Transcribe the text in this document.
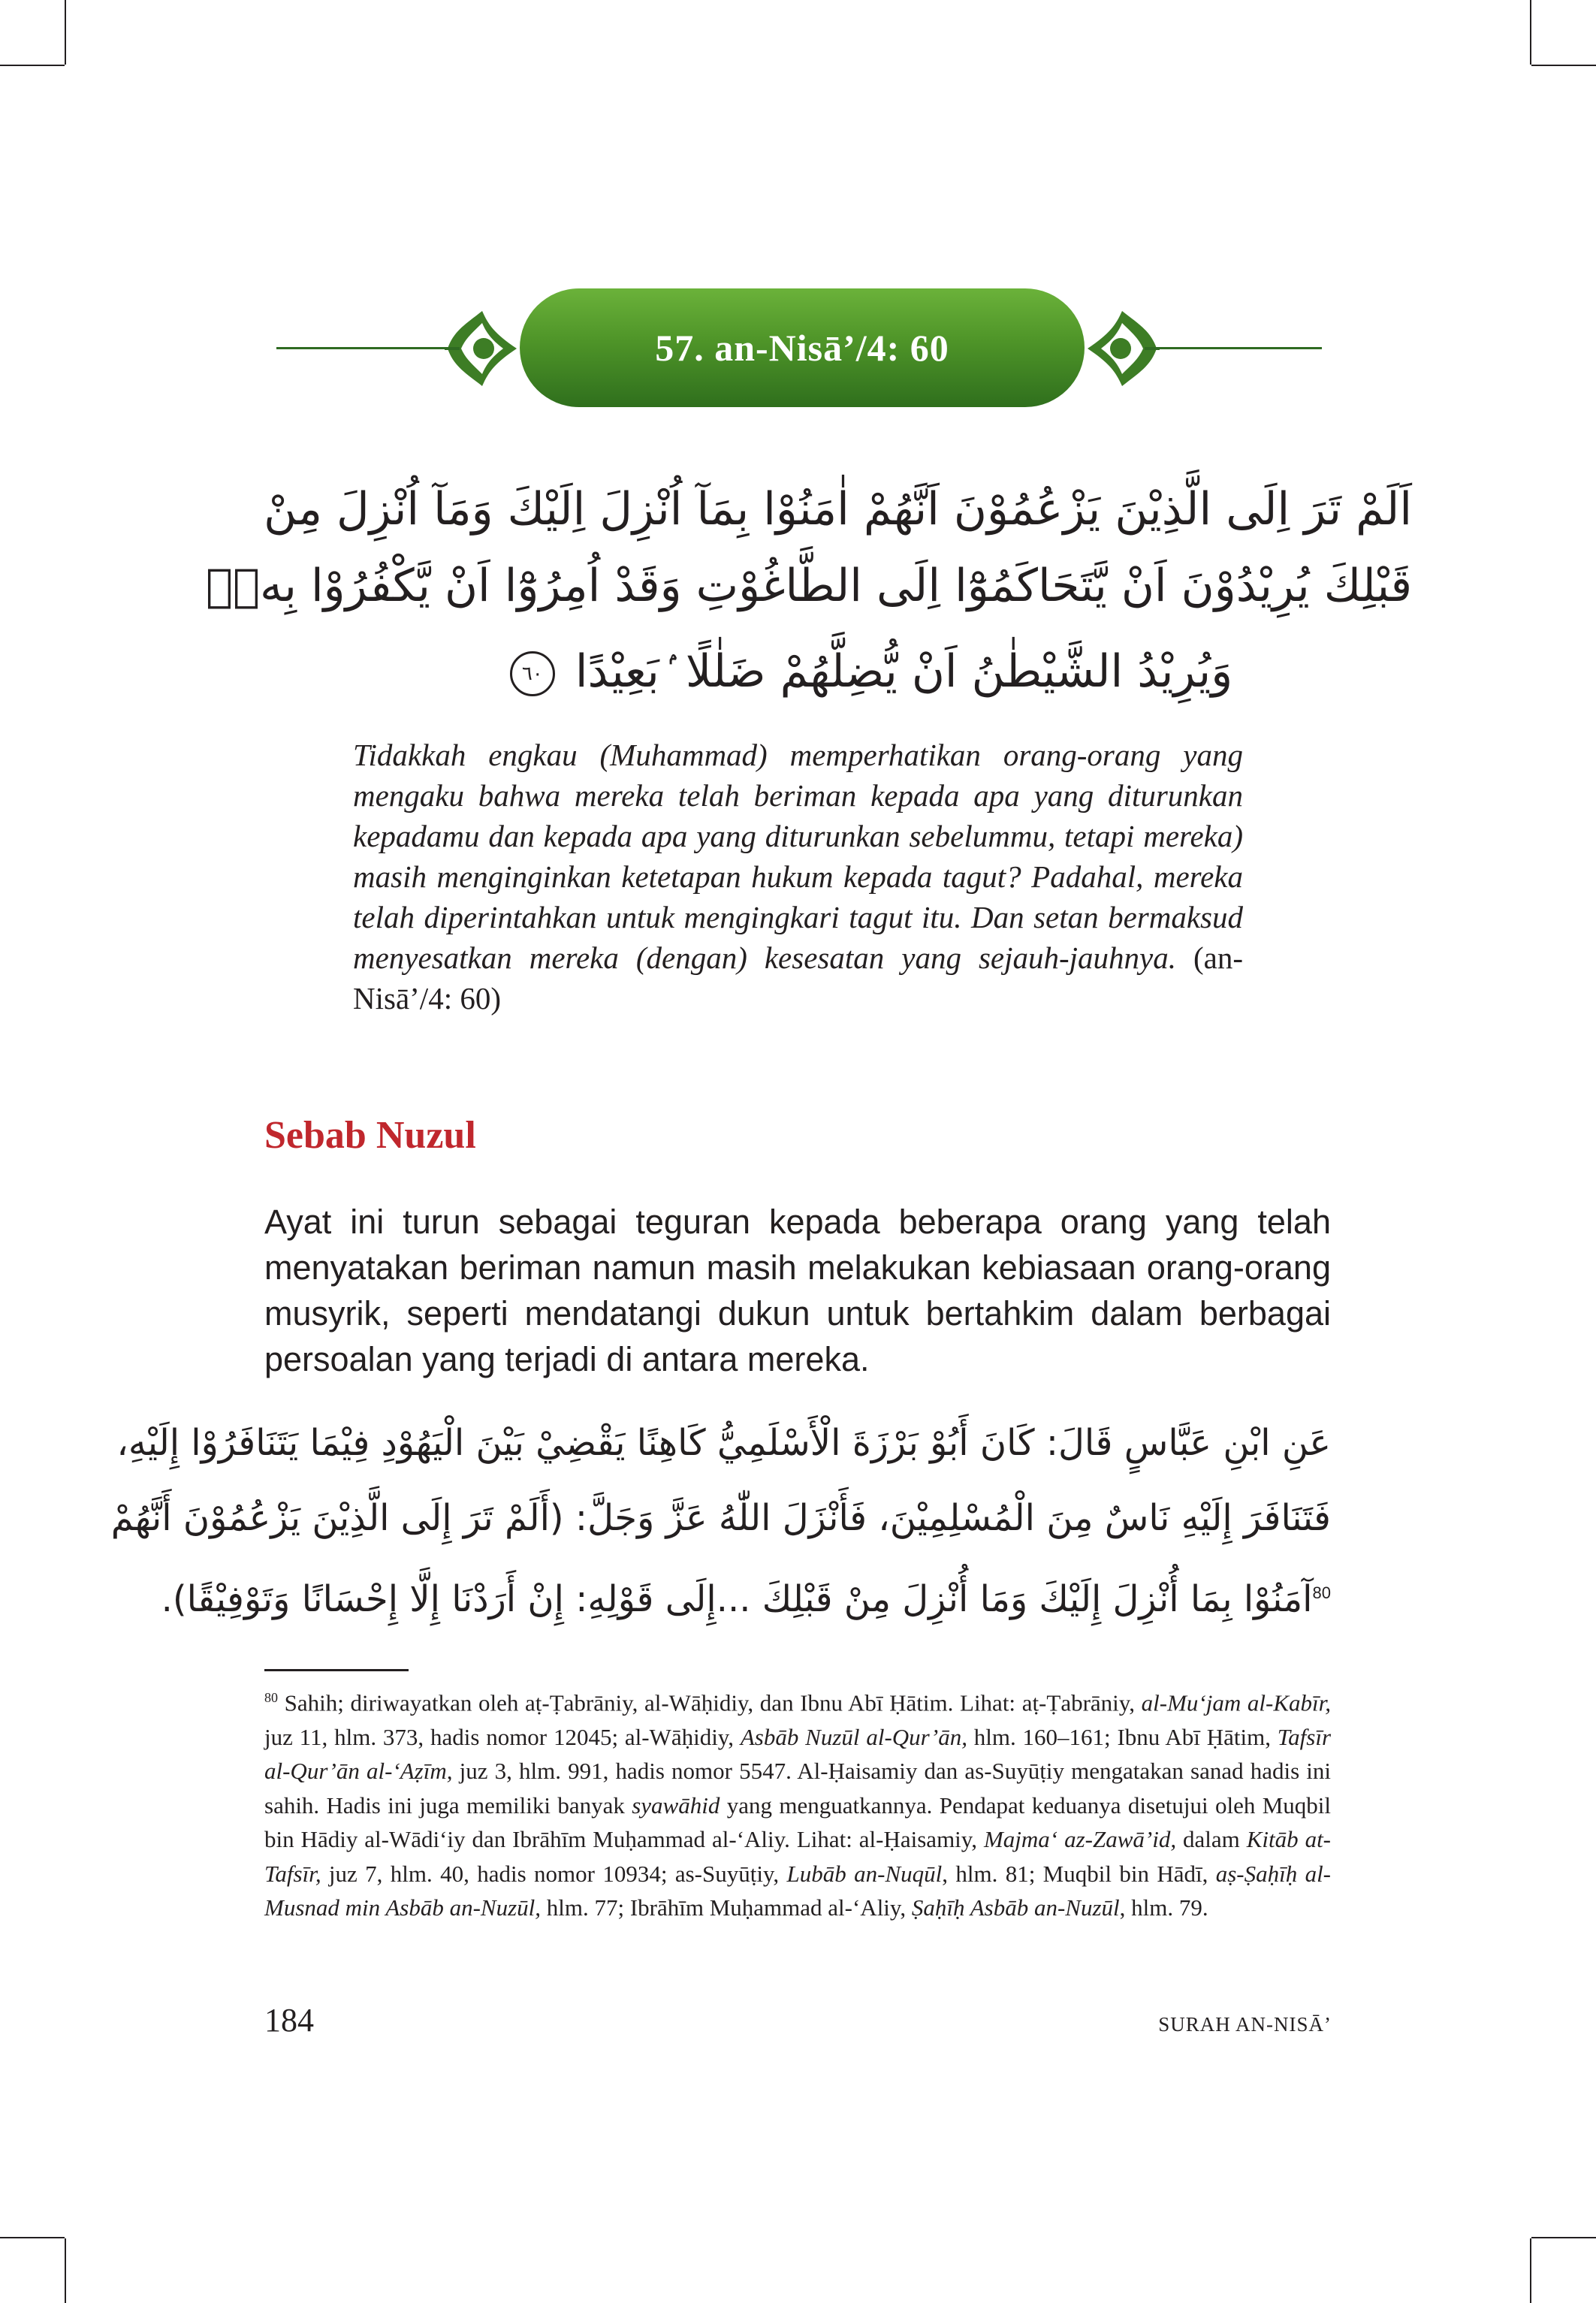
57. an-Nisā’/4: 60
اَلَمْ تَرَ اِلَى الَّذِيْنَ يَزْعُمُوْنَ اَنَّهُمْ اٰمَنُوْا بِمَآ اُنْزِلَ اِلَيْكَ وَمَآ اُنْزِلَ مِنْ
قَبْلِكَ يُرِيْدُوْنَ اَنْ يَّتَحَاكَمُوْٓا اِلَى الطَّاغُوْتِ وَقَدْ اُمِرُوْٓا اَنْ يَّكْفُرُوْا بِهٖۗ
وَيُرِيْدُ الشَّيْطٰنُ اَنْ يُّضِلَّهُمْ ضَلٰلًا ۢبَعِيْدًا ٦٠
Tidakkah engkau (Muhammad) memperhatikan orang-orang yang mengaku bahwa mereka telah beriman kepada apa yang diturunkan kepadamu dan kepada apa yang diturunkan sebelummu, tetapi mereka) masih menginginkan ketetapan hukum kepada tagut? Padahal, mereka telah diperintahkan untuk mengingkari tagut itu. Dan setan bermaksud menyesatkan mereka (dengan) kesesatan yang sejauh-jauhnya. (an-Nisā’/4: 60)
Sebab Nuzul
Ayat ini turun sebagai teguran kepada beberapa orang yang telah menyatakan beriman namun masih melakukan kebiasaan orang-orang musyrik, seperti mendatangi dukun untuk bertahkim dalam berbagai persoalan yang terjadi di antara mereka.
عَنِ ابْنِ عَبَّاسٍ قَالَ: كَانَ أَبُوْ بَرْزَةَ الْأَسْلَمِيُّ كَاهِنًا يَقْضِيْ بَيْنَ الْيَهُوْدِ فِيْمَا يَتَنَافَرُوْا إِلَيْهِ،
فَتَنَافَرَ إِلَيْهِ نَاسٌ مِنَ الْمُسْلِمِيْنَ، فَأَنْزَلَ اللّٰهُ عَزَّ وَجَلَّ: (أَلَمْ تَرَ إِلَى الَّذِيْنَ يَزْعُمُوْنَ أَنَّهُمْ
$^{80}$آمَنُوْا بِمَا أُنْزِلَ إِلَيْكَ وَمَا أُنْزِلَ مِنْ قَبْلِكَ ...إِلَى قَوْلِهِ: إِنْ أَرَدْنَا إِلَّا إِحْسَانًا وَتَوْفِيْقًا).
$^{80}$ Sahih; diriwayatkan oleh aṭ-Ṭabrāniy, al-Wāḥidiy, dan Ibnu Abī Ḥātim. Lihat: aṭ-Ṭabrāniy, al-Mu‘jam al-Kabīr, juz 11, hlm. 373, hadis nomor 12045; al-Wāḥidiy, Asbāb Nuzūl al-Qur’ān, hlm. 160–161; Ibnu Abī Ḥātim, Tafsīr al-Qur’ān al-‘Aẓīm, juz 3, hlm. 991, hadis nomor 5547. Al-Ḥaisamiy dan as-Suyūṭiy mengatakan sanad hadis ini sahih. Hadis ini juga memiliki banyak syawāhid yang menguatkannya. Pendapat keduanya disetujui oleh Muqbil bin Hādiy al-Wādi‘iy dan Ibrāhīm Muḥammad al-‘Aliy. Lihat: al-Ḥaisamiy, Majma‘ az-Zawā’id, dalam Kitāb at-Tafsīr, juz 7, hlm. 40, hadis nomor 10934; as-Suyūṭiy, Lubāb an-Nuqūl, hlm. 81; Muqbil bin Hādī, aṣ-Ṣaḥīḥ al-Musnad min Asbāb an-Nuzūl, hlm. 77; Ibrāhīm Muḥammad al-‘Aliy, Ṣaḥīḥ Asbāb an-Nuzūl, hlm. 79.
184	SURAH AN-NISĀ’
